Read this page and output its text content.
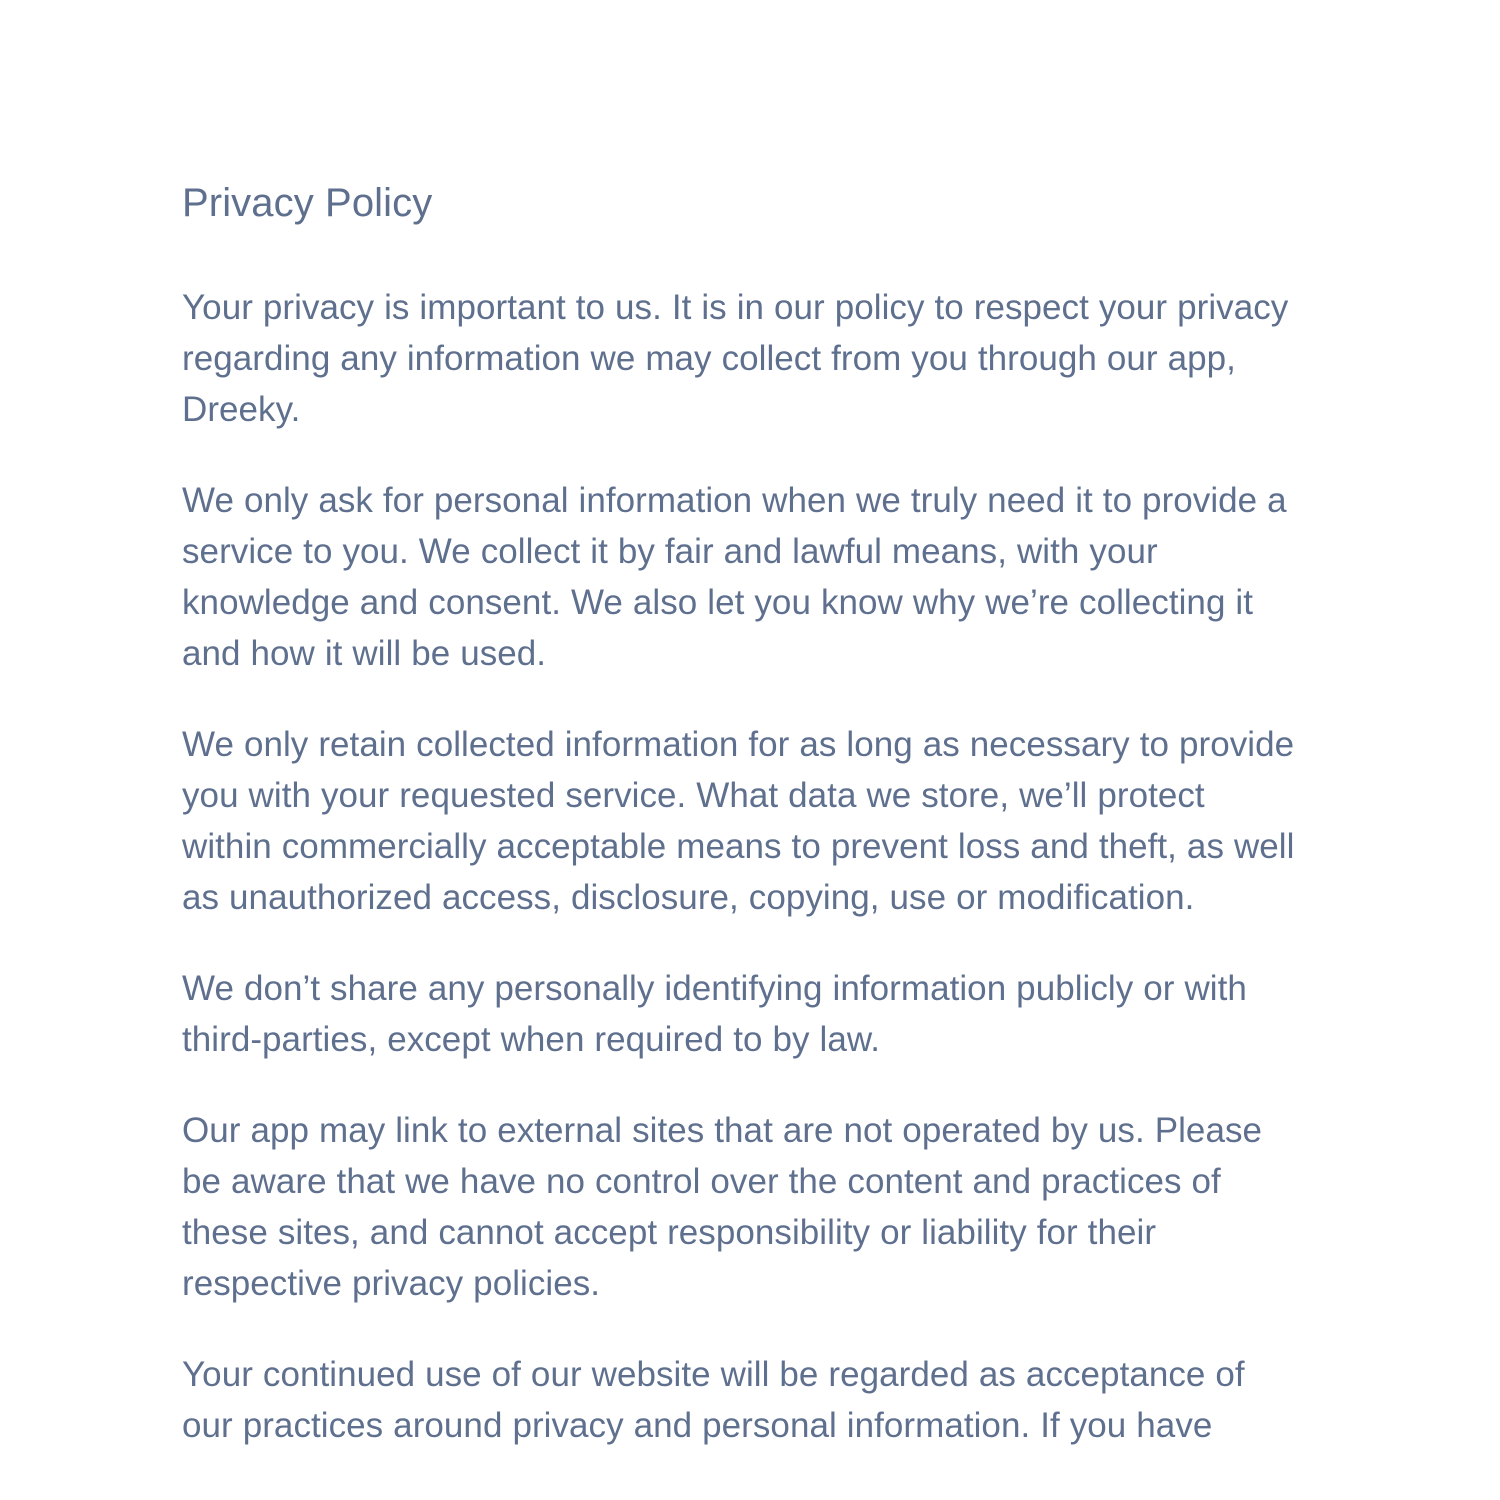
Privacy Policy

Your privacy is important to us. It is in our policy to respect your privacy regarding any information we may collect from you through our app, Dreeky.

We only ask for personal information when we truly need it to provide a service to you. We collect it by fair and lawful means, with your knowledge and consent. We also let you know why we’re collecting it and how it will be used.

We only retain collected information for as long as necessary to provide you with your requested service. What data we store, we’ll protect within commercially acceptable means to prevent loss and theft, as well as unauthorized access, disclosure, copying, use or modification.

We don’t share any personally identifying information publicly or with third-parties, except when required to by law.

Our app may link to external sites that are not operated by us. Please be aware that we have no control over the content and practices of these sites, and cannot accept responsibility or liability for their respective privacy policies.

Your continued use of our website will be regarded as acceptance of our practices around privacy and personal information. If you have
